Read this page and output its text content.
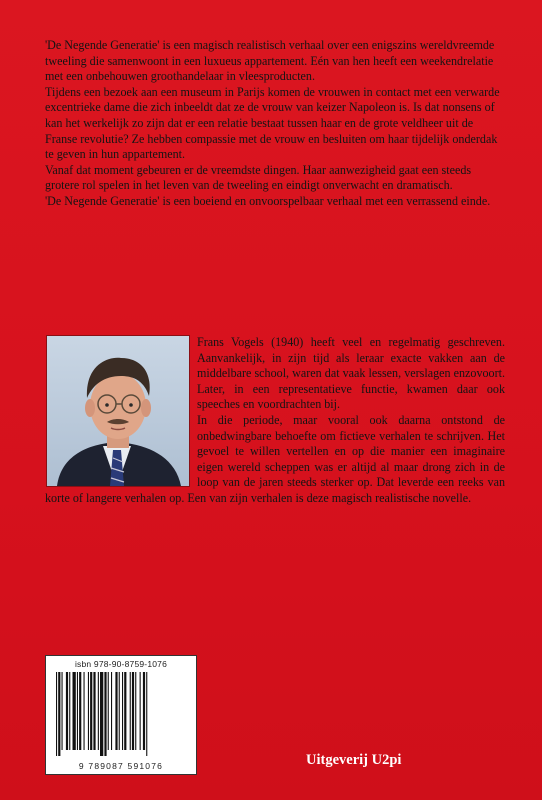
'De Negende Generatie' is een magisch realistisch verhaal over een enigszins wereldvreemde tweeling die samenwoont in een luxueus appartement. Eén van hen heeft een weekendrelatie met een onbehouwen groothandelaar in vleesproducten.

Tijdens een bezoek aan een museum in Parijs komen de vrouwen in contact met een verwarde excentrieke dame die zich inbeeldt dat ze de vrouw van keizer Napoleon is. Is dat nonsens of kan het werkelijk zo zijn dat er een relatie bestaat tussen haar en de grote veldheer uit de Franse revolutie? Ze hebben compassie met de vrouw en besluiten om haar tijdelijk onderdak te geven in hun appartement.

Vanaf dat moment gebeuren er de vreemdste dingen. Haar aanwezigheid gaat een steeds grotere rol spelen in het leven van de tweeling en eindigt onverwacht en dramatisch.

'De Negende Generatie' is een boeiend en onvoorspelbaar verhaal met een verrassend einde.

Frans Vogels (1940) heeft veel en regelmatig geschreven. Aanvankelijk, in zijn tijd als leraar exacte vakken aan de middelbare school, waren dat vaak lessen, verslagen enzovoort. Later, in een representatieve functie, kwamen daar ook speeches en voordrachten bij.

In die periode, maar vooral ook daarna ontstond de onbedwingbare behoefte om fictieve verhalen te schrijven. Het gevoel te willen vertellen en op die manier een imaginaire eigen wereld scheppen was er altijd al maar drong zich in de loop van de jaren steeds sterker op. Dat leverde een reeks van korte of langere verhalen op. Een van zijn verhalen is deze magisch realistische novelle.

isbn 978-90-8759-1076
9 789087 591076	Uitgeverij U2pi
